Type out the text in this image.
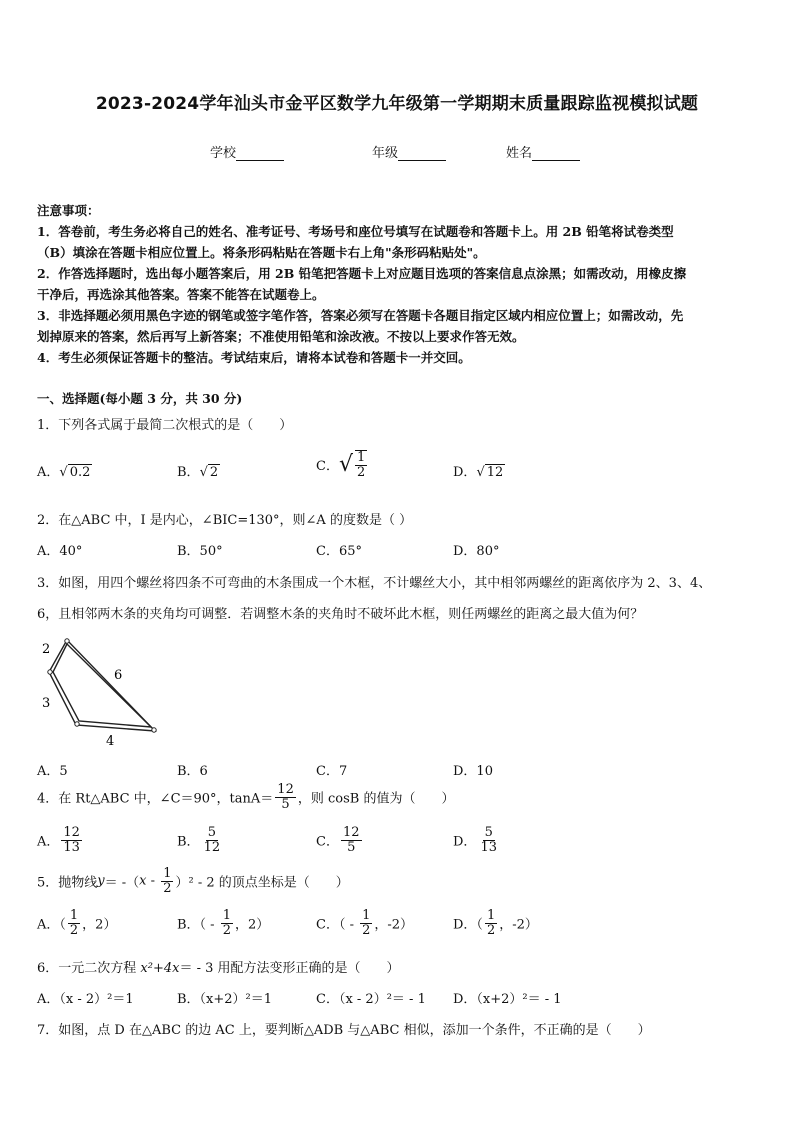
2023-2024学年汕头市金平区数学九年级第一学期期末质量跟踪监视模拟试题
学校	年级	姓名
注意事项：
1．答卷前，考生务必将自己的姓名、准考证号、考场号和座位号填写在试题卷和答题卡上。用 2B 铅笔将试卷类型
（B）填涂在答题卡相应位置上。将条形码粘贴在答题卡右上角"条形码粘贴处"。
2．作答选择题时，选出每小题答案后，用 2B 铅笔把答题卡上对应题目选项的答案信息点涂黑；如需改动，用橡皮擦
干净后，再选涂其他答案。答案不能答在试题卷上。
3．非选择题必须用黑色字迹的钢笔或签字笔作答，答案必须写在答题卡各题目指定区域内相应位置上；如需改动，先
划掉原来的答案，然后再写上新答案；不准使用铅笔和涂改液。不按以上要求作答无效。
4．考生必须保证答题卡的整洁。考试结束后，请将本试卷和答题卡一并交回。
一、选择题(每小题 3 分，共 30 分)
1．下列各式属于最简二次根式的是（　　）
A．√ 0.2	B．√ 2	C．√ $\frac{1}{2}$	D．√ 12
2．在△ABC 中，I 是内心，∠BIC=130°，则∠A 的度数是（ ）
A．40°	B．50°	C．65°	D．80°
3．如图，用四个螺丝将四条不可弯曲的木条围成一个木框，不计螺丝大小，其中相邻两螺丝的距离依序为 2、3、4、
6，且相邻两木条的夹角均可调整．若调整木条的夹角时不破坏此木框，则任两螺丝的距离之最大值为何？
2
6
3
4
A．5	B．6	C．7	D．10
4．在 Rt△ABC 中，∠C＝90°，$\tan A= \frac{12}{5}$ ，则 cosB 的值为（　　）
A． $\frac{12}{13}$	B． $\frac{5}{12}$	C． $\frac{12}{5}$	D． $\frac{5}{13}$
5．抛物线$y= -(x - \frac{1}{2} )^2 - 2$ 的顶点坐标是（　　）
A．（ $\frac{1}{2}$ ，2）	B．（ - $\frac{1}{2}$ ，2）	C．（ - $\frac{1}{2}$ ，-2）	D．（ $\frac{1}{2}$ ，-2）
6．一元二次方程 x²+4x＝ - 3 用配方法变形正确的是（　　）
A．（x - 2）²＝1	B．（x+2）²＝1	C．（x - 2）²＝ - 1 D．（x+2）²＝ - 1
7．如图，点 D 在△ABC 的边 AC 上，要判断△ADB 与△ABC 相似，添加一个条件，不正确的是（　　）
